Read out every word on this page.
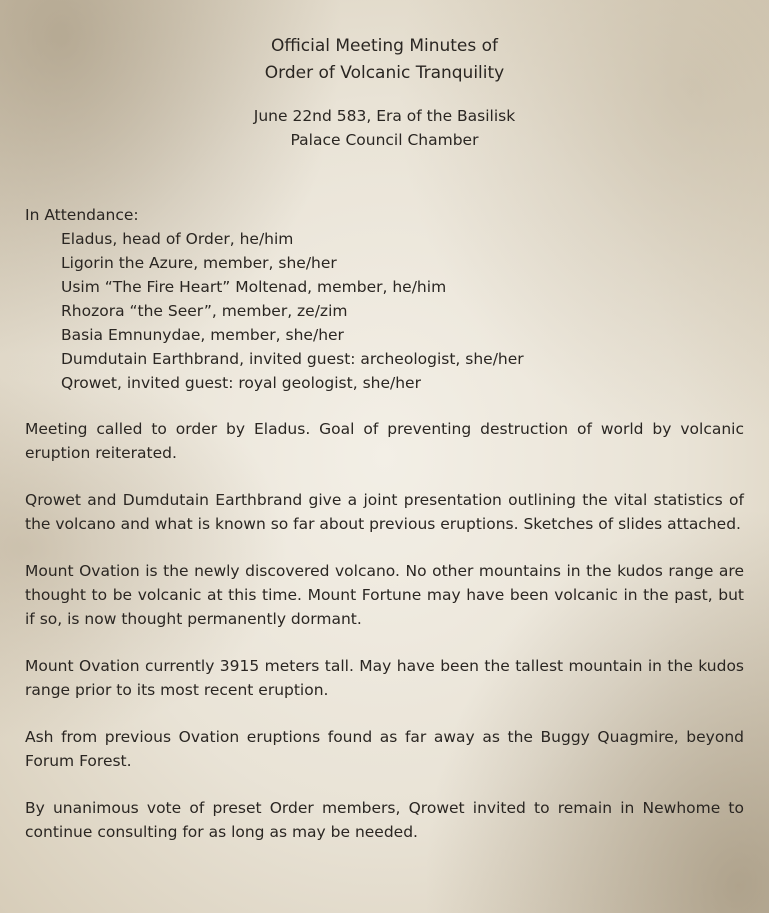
Official Meeting Minutes of
Order of Volcanic Tranquility
June 22nd 583, Era of the Basilisk
Palace Council Chamber
In Attendance:
Eladus, head of Order, he/him
Ligorin the Azure, member, she/her
Usim “The Fire Heart” Moltenad, member, he/him
Rhozora “the Seer”, member, ze/zim
Basia Emnunydae, member, she/her
Dumdutain Earthbrand, invited guest: archeologist, she/her
Qrowet, invited guest: royal geologist, she/her

Meeting called to order by Eladus. Goal of preventing destruction of world by volcanic eruption reiterated.

Qrowet and Dumdutain Earthbrand give a joint presentation outlining the vital statistics of the volcano and what is known so far about previous eruptions. Sketches of slides attached.

Mount Ovation is the newly discovered volcano. No other mountains in the kudos range are thought to be volcanic at this time. Mount Fortune may have been volcanic in the past, but if so, is now thought permanently dormant.

Mount Ovation currently 3915 meters tall. May have been the tallest mountain in the kudos range prior to its most recent eruption.

Ash from previous Ovation eruptions found as far away as the Buggy Quagmire, beyond Forum Forest.

By unanimous vote of preset Order members, Qrowet invited to remain in Newhome to continue consulting for as long as may be needed.
